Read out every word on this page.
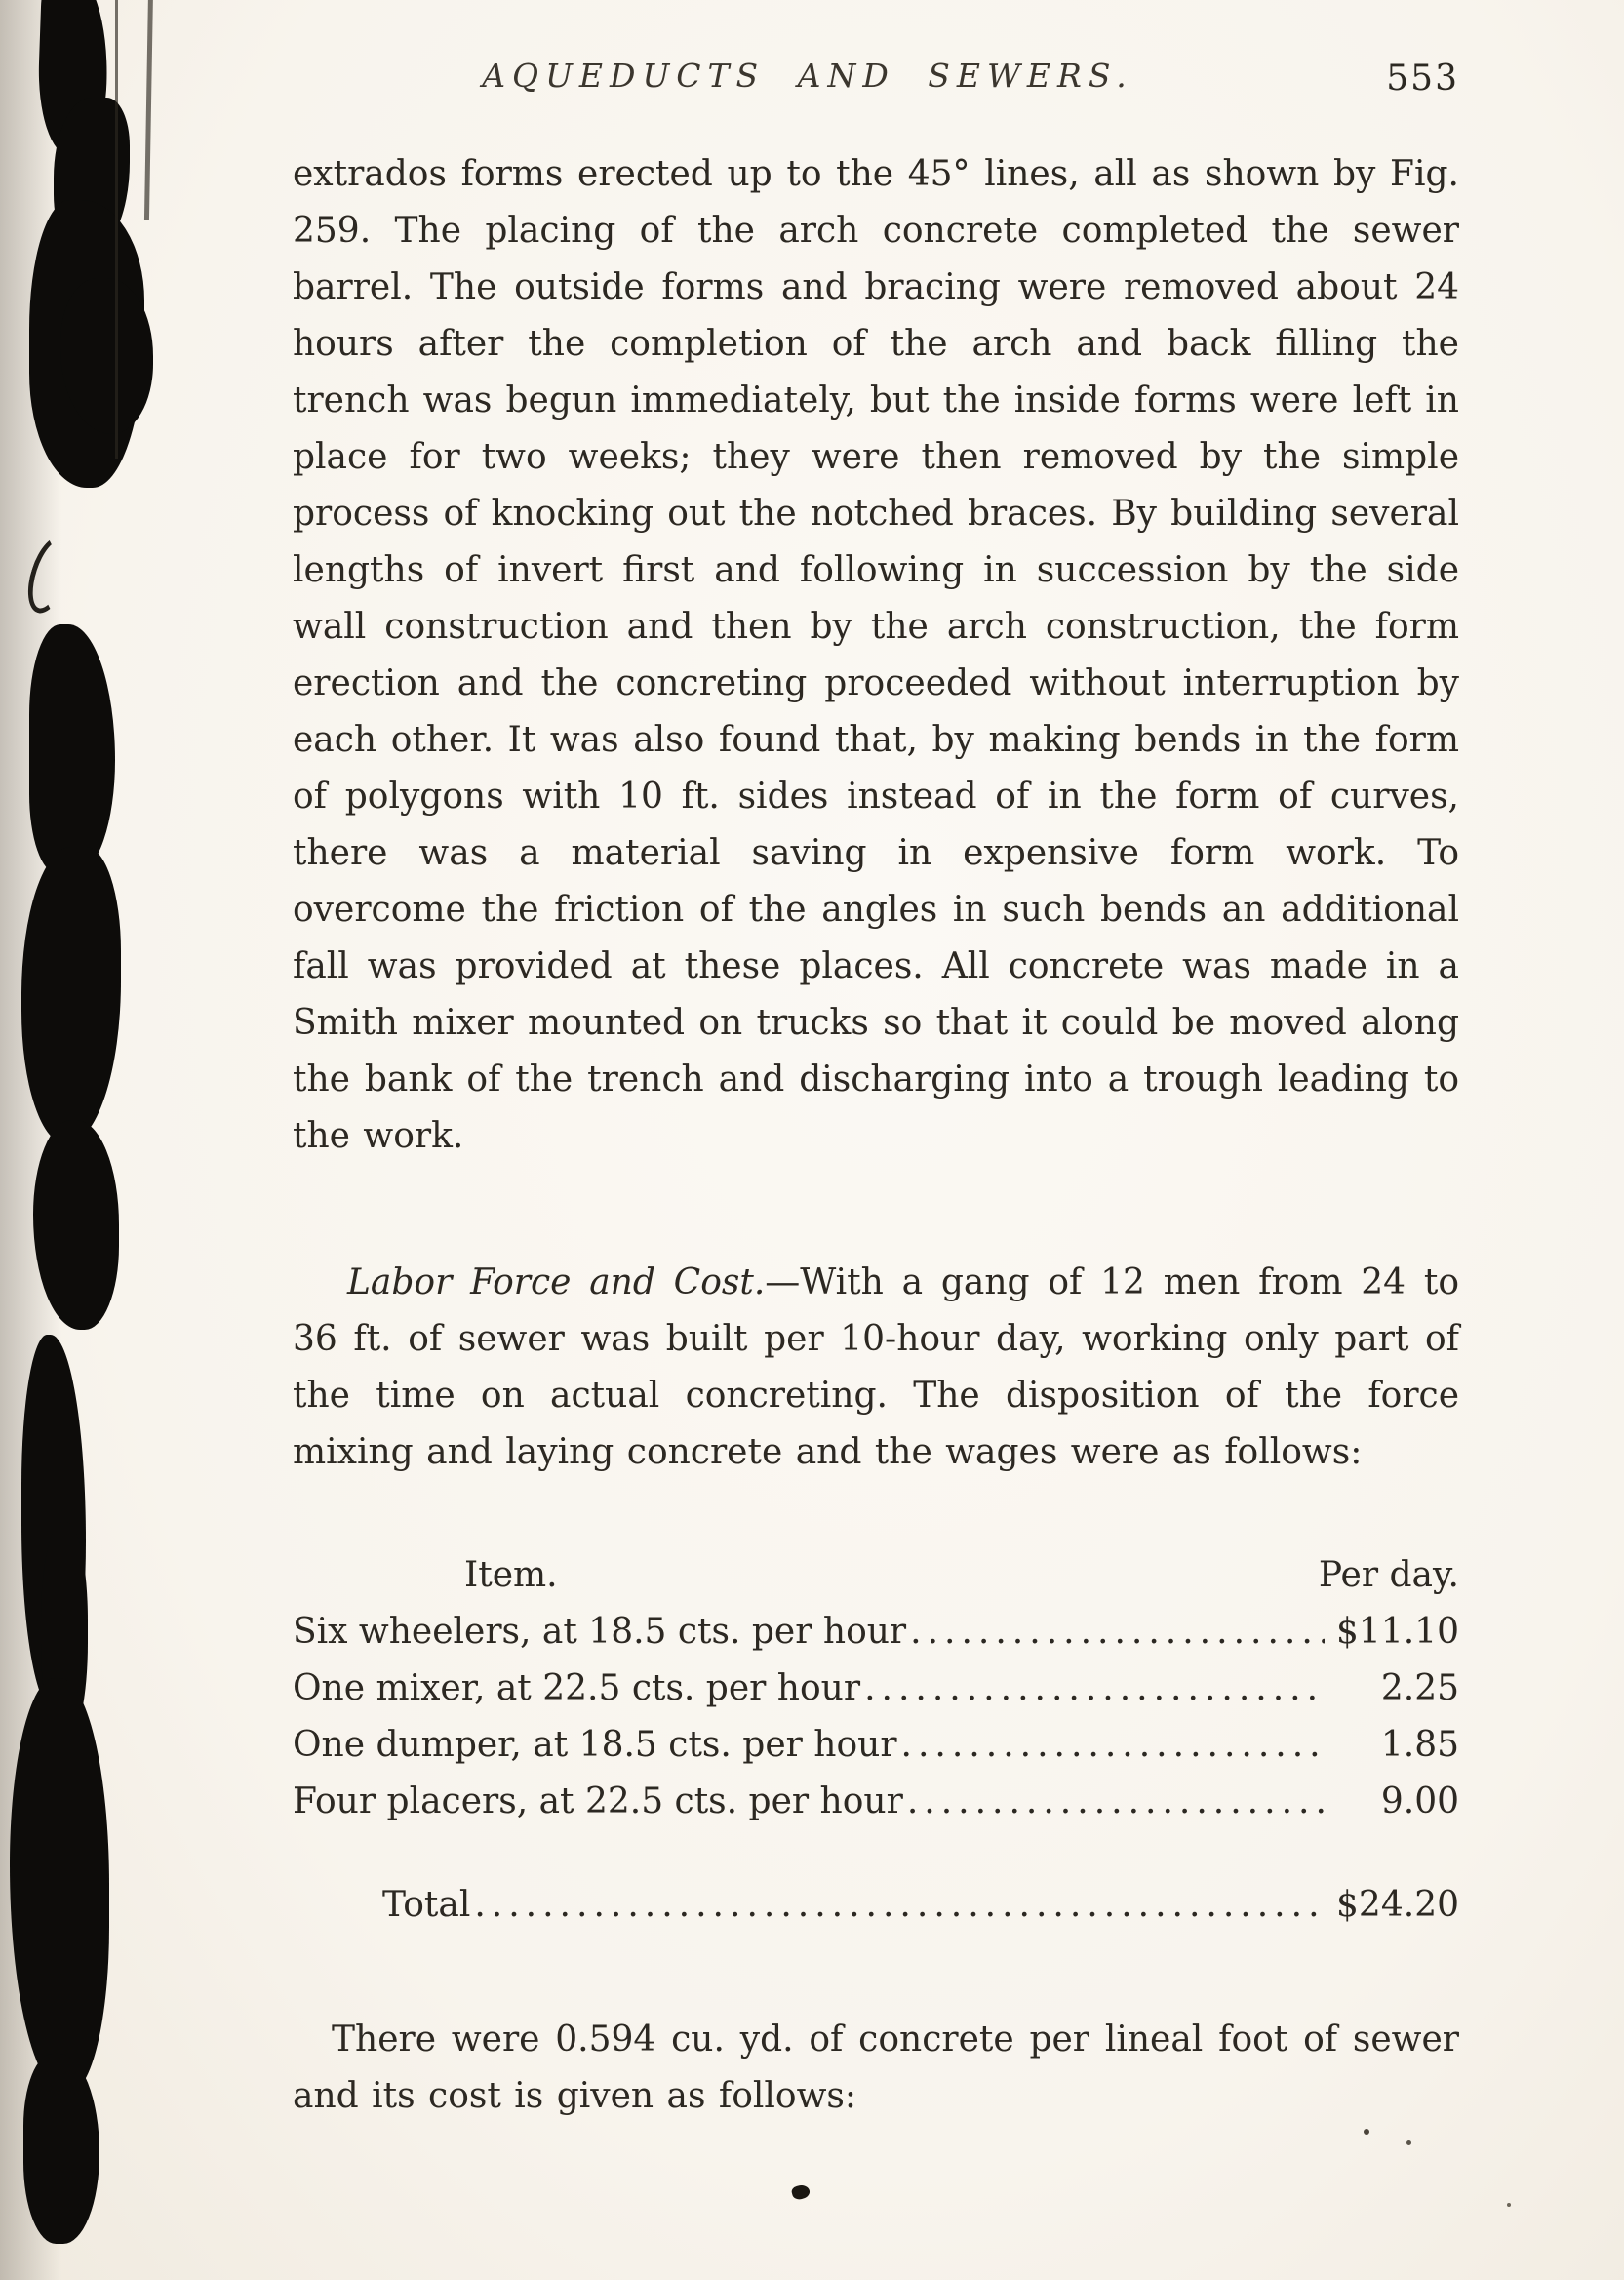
AQUEDUCTS AND SEWERS.	553

extrados forms erected up to the 45° lines, all as shown by Fig. 259. The placing of the arch concrete completed the sewer barrel. The outside forms and bracing were removed about 24 hours after the completion of the arch and back filling the trench was begun immediately, but the inside forms were left in place for two weeks; they were then removed by the simple process of knocking out the notched braces. By building several lengths of invert first and following in succession by the side wall construction and then by the arch construction, the form erection and the concreting proceeded without interruption by each other. It was also found that, by making bends in the form of polygons with 10 ft. sides instead of in the form of curves, there was a material saving in expensive form work. To overcome the friction of the angles in such bends an additional fall was provided at these places. All concrete was made in a Smith mixer mounted on trucks so that it could be moved along the bank of the trench and discharging into a trough leading to the work.

Labor Force and Cost.—With a gang of 12 men from 24 to 36 ft. of sewer was built per 10-hour day, working only part of the time on actual concreting. The disposition of the force mixing and laying concrete and the wages were as follows:

Item.	Per day.
Six wheelers, at 18.5 cts. per hour .....	$11.10
One mixer, at 22.5 cts. per hour .....	2.25
One dumper, at 18.5 cts. per hour .....	1.85
Four placers, at 22.5 cts. per hour .....	9.00
Total .....	$24.20

There were 0.594 cu. yd. of concrete per lineal foot of sewer and its cost is given as follows:
